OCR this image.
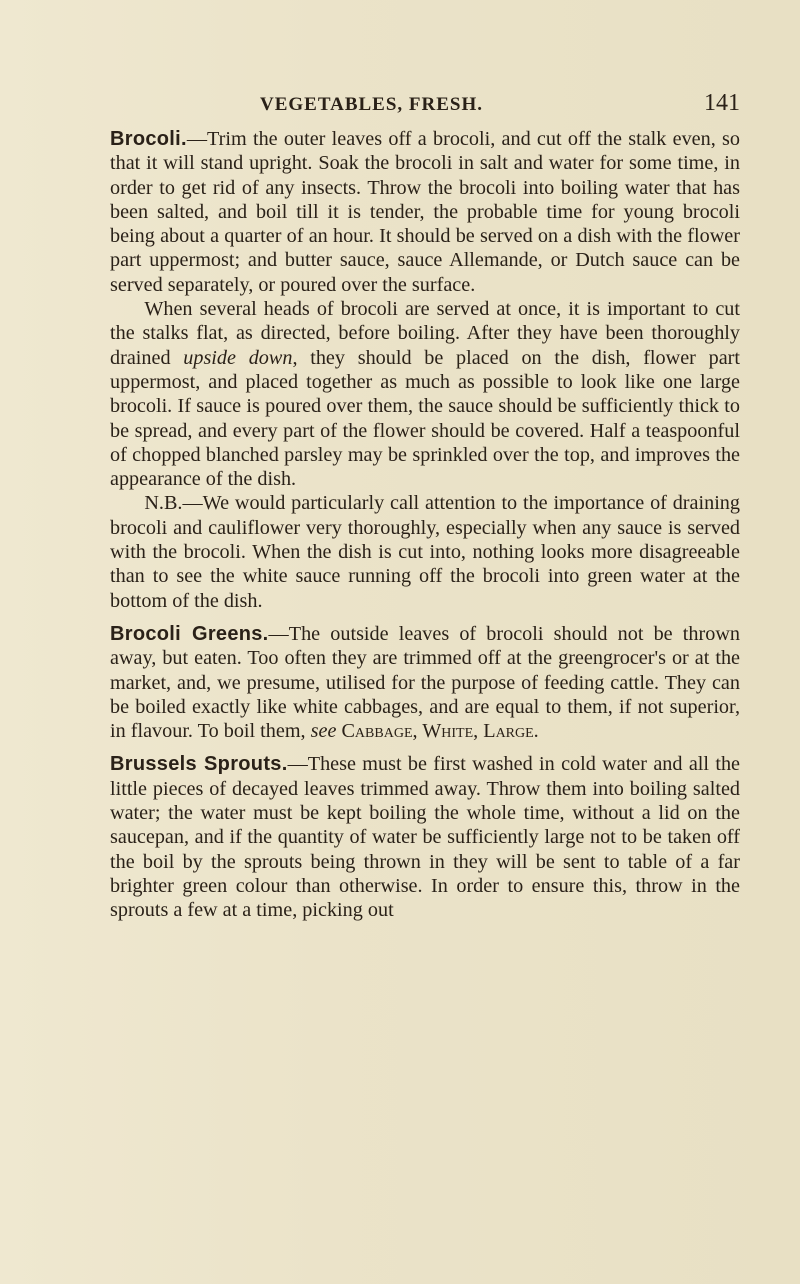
VEGETABLES, FRESH.	141

Brocoli.—Trim the outer leaves off a brocoli, and cut off the stalk even, so that it will stand upright. Soak the brocoli in salt and water for some time, in order to get rid of any insects. Throw the brocoli into boiling water that has been salted, and boil till it is tender, the probable time for young brocoli being about a quarter of an hour. It should be served on a dish with the flower part uppermost; and butter sauce, sauce Allemande, or Dutch sauce can be served separately, or poured over the surface.

When several heads of brocoli are served at once, it is important to cut the stalks flat, as directed, before boiling. After they have been thoroughly drained upside down, they should be placed on the dish, flower part uppermost, and placed together as much as possible to look like one large brocoli. If sauce is poured over them, the sauce should be sufficiently thick to be spread, and every part of the flower should be covered. Half a teaspoonful of chopped blanched parsley may be sprinkled over the top, and improves the appearance of the dish.

N.B.—We would particularly call attention to the importance of draining brocoli and cauliflower very thoroughly, especially when any sauce is served with the brocoli. When the dish is cut into, nothing looks more disagreeable than to see the white sauce running off the brocoli into green water at the bottom of the dish.

Brocoli Greens.—The outside leaves of brocoli should not be thrown away, but eaten. Too often they are trimmed off at the greengrocer's or at the market, and, we presume, utilised for the purpose of feeding cattle. They can be boiled exactly like white cabbages, and are equal to them, if not superior, in flavour. To boil them, see Cabbage, White, Large.

Brussels Sprouts.—These must be first washed in cold water and all the little pieces of decayed leaves trimmed away. Throw them into boiling salted water; the water must be kept boiling the whole time, without a lid on the saucepan, and if the quantity of water be sufficiently large not to be taken off the boil by the sprouts being thrown in they will be sent to table of a far brighter green colour than otherwise. In order to ensure this, throw in the sprouts a few at a time, picking out
